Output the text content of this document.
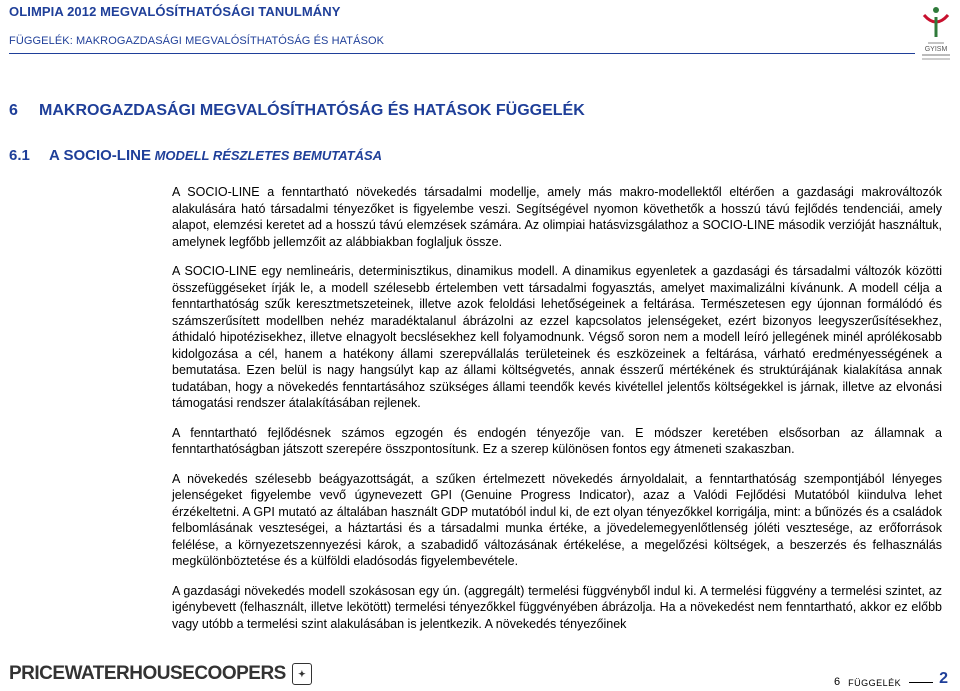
OLIMPIA 2012 MEGVALÓSÍTHATÓSÁGI TANULMÁNY
FÜGGELÉK: MAKROGAZDASÁGI MEGVALÓSÍTHATÓSÁG ÉS HATÁSOK
GYISM
6 MAKROGAZDASÁGI MEGVALÓSÍTHATÓSÁG ÉS HATÁSOK FÜGGELÉK
6.1 A SOCIO-LINE MODELL RÉSZLETES BEMUTATÁSA

A SOCIO-LINE a fenntartható növekedés társadalmi modellje, amely más makro-modellektől eltérően a gazdasági makrováltozók alakulására ható társadalmi tényezőket is figyelembe veszi. Segítségével nyomon követhetők a hosszú távú fejlődés tendenciái, amely alapot, elemzési keretet ad a hosszú távú elemzések számára. Az olimpiai hatásvizsgálathoz a SOCIO-LINE második verzióját használtuk, amelynek legfőbb jellemzőit az alábbiakban foglaljuk össze.

A SOCIO-LINE egy nemlineáris, determinisztikus, dinamikus modell. A dinamikus egyenletek a gazdasági és társadalmi változók közötti összefüggéseket írják le, a modell szélesebb értelemben vett társadalmi fogyasztás, amelyet maximalizálni kívánunk. A modell célja a fenntarthatóság szűk keresztmetszeteinek, illetve azok feloldási lehetőségeinek a feltárása. Természetesen egy újonnan formálódó és számszerűsített modellben nehéz maradéktalanul ábrázolni az ezzel kapcsolatos jelenségeket, ezért bizonyos leegyszerűsítésekhez, áthidaló hipotézisekhez, illetve elnagyolt becslésekhez kell folyamodnunk. Végső soron nem a modell leíró jellegének minél aprólékosabb kidolgozása a cél, hanem a hatékony állami szerepvállalás területeinek és eszközeinek a feltárása, várható eredményességének a bemutatása. Ezen belül is nagy hangsúlyt kap az állami költségvetés, annak ésszerű mértékének és struktúrájának kialakítása annak tudatában, hogy a növekedés fenntartásához szükséges állami teendők kevés kivétellel jelentős költségekkel is járnak, illetve az elvonási támogatási rendszer átalakításában rejlenek.

A fenntartható fejlődésnek számos egzogén és endogén tényezője van. E módszer keretében elsősorban az államnak a fenntarthatóságban játszott szerepére összpontosítunk. Ez a szerep különösen fontos egy átmeneti szakaszban.

A növekedés szélesebb beágyazottságát, a szűken értelmezett növekedés árnyoldalait, a fenntarthatóság szempontjából lényeges jelenségeket figyelembe vevő úgynevezett GPI (Genuine Progress Indicator), azaz a Valódi Fejlődési Mutatóból kiindulva lehet érzékeltetni. A GPI mutató az általában használt GDP mutatóból indul ki, de ezt olyan tényezőkkel korrigálja, mint: a bűnözés és a családok felbomlásának veszteségei, a háztartási és a társadalmi munka értéke, a jövedelemegyenlőtlenség jóléti vesztesége, az erőforrások felélése, a környezetszennyezési károk, a szabadidő változásának értékelése, a megelőzési költségek, a beszerzés és felhasználás megkülönböztetése és a külföldi eladósodás figyelembevétele.

A gazdasági növekedés modell szokásosan egy ún. (aggregált) termelési függvényből indul ki. A termelési függvény a termelési szintet, az igénybevett (felhasznált, illetve lekötött) termelési tényezőkkel függvényében ábrázolja. Ha a növekedést nem fenntartható, akkor ez előbb vagy utóbb a termelési szint alakulásában is jelentkezik. A növekedés tényezőinek

PRICEWATERHOUSECOOPERS	✦
6 FÜGGELÉK 2
